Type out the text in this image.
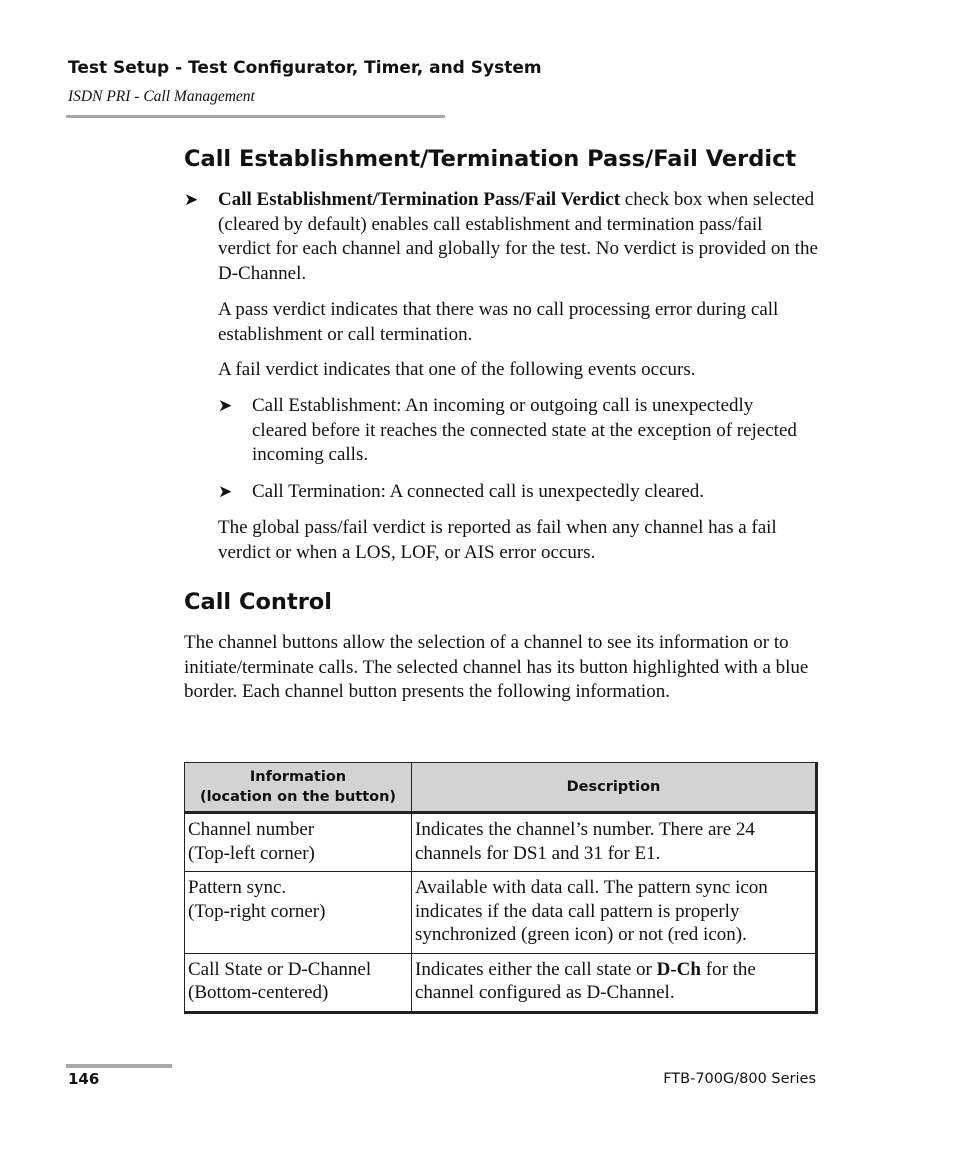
Test Setup - Test Configurator, Timer, and System
ISDN PRI - Call Management
Call Establishment/Termination Pass/Fail Verdict
➤ Call Establishment/Termination Pass/Fail Verdict check box when selected (cleared by default) enables call establishment and termination pass/fail verdict for each channel and globally for the test. No verdict is provided on the D-Channel.

A pass verdict indicates that there was no call processing error during call establishment or call termination.

A fail verdict indicates that one of the following events occurs.

➤ Call Establishment: An incoming or outgoing call is unexpectedly cleared before it reaches the connected state at the exception of rejected incoming calls.

➤ Call Termination: A connected call is unexpectedly cleared.

The global pass/fail verdict is reported as fail when any channel has a fail verdict or when a LOS, LOF, or AIS error occurs.

Call Control

The channel buttons allow the selection of a channel to see its information or to initiate/terminate calls. The selected channel has its button highlighted with a blue border. Each channel button presents the following information.

Information
(location on the button)	Description
Channel number
(Top-left corner)	Indicates the channel’s number. There are 24 channels for DS1 and 31 for E1.
Pattern sync.
(Top-right corner)	Available with data call. The pattern sync icon indicates if the data call pattern is properly synchronized (green icon) or not (red icon).
Call State or D-Channel
(Bottom-centered)	Indicates either the call state or D-Ch for the channel configured as D-Channel.
146	FTB-700G/800 Series
